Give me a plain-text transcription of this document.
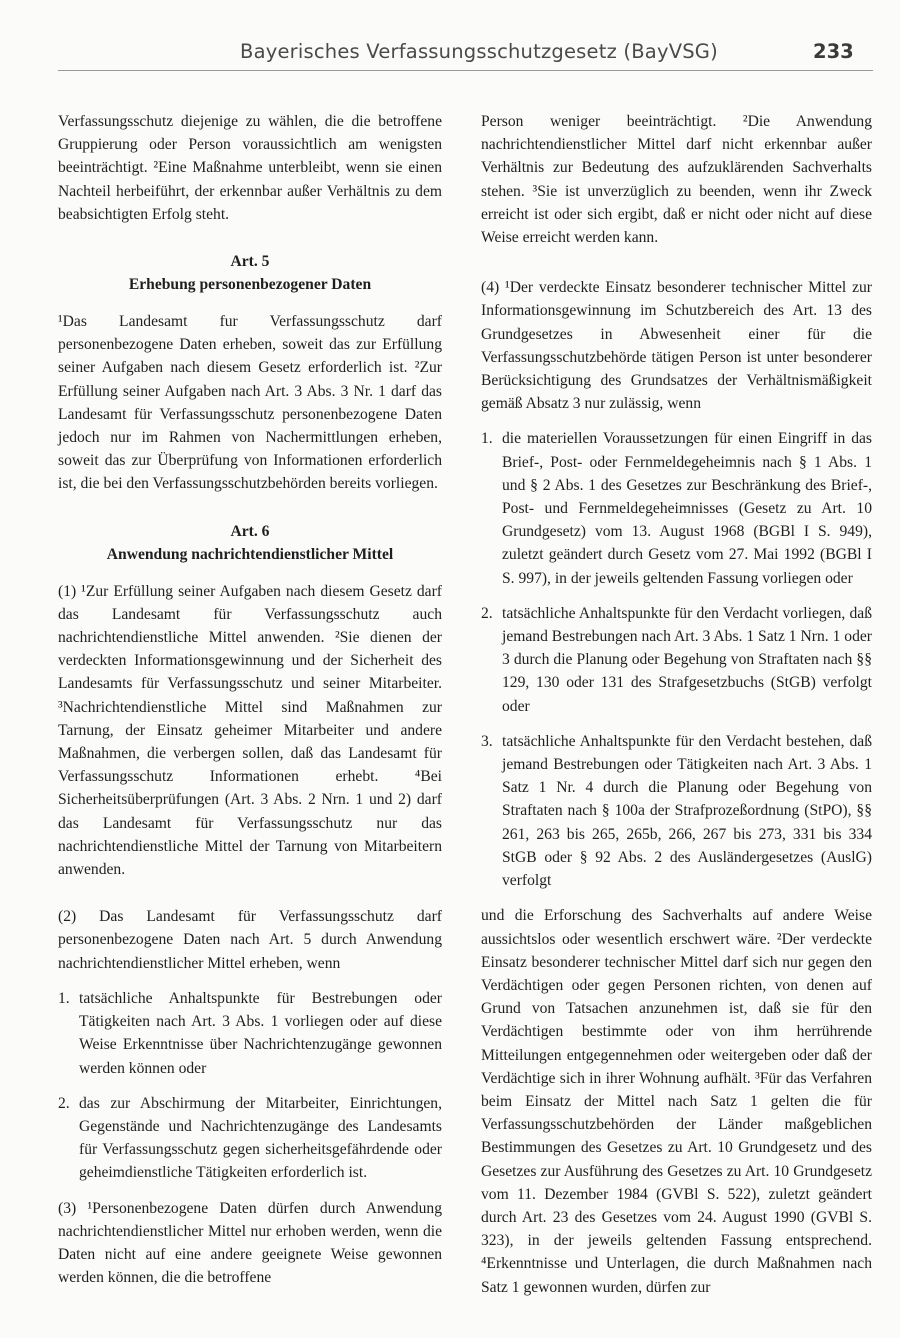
Bayerisches Verfassungsschutzgesetz (BayVSG)	233

Verfassungsschutz diejenige zu wählen, die die betroffene Gruppierung oder Person voraussichtlich am wenigsten beeinträchtigt. ²Eine Maßnahme unterbleibt, wenn sie einen Nachteil herbeiführt, der erkennbar außer Verhältnis zu dem beabsichtigten Erfolg steht.

Art. 5
Erhebung personenbezogener Daten

¹Das Landesamt fur Verfassungsschutz darf personenbezogene Daten erheben, soweit das zur Erfüllung seiner Aufgaben nach diesem Gesetz erforderlich ist. ²Zur Erfüllung seiner Aufgaben nach Art. 3 Abs. 3 Nr. 1 darf das Landesamt für Verfassungsschutz personenbezogene Daten jedoch nur im Rahmen von Nachermittlungen erheben, soweit das zur Überprüfung von Informationen erforderlich ist, die bei den Verfassungsschutzbehörden bereits vorliegen.

Art. 6
Anwendung nachrichtendienstlicher Mittel

(1) ¹Zur Erfüllung seiner Aufgaben nach diesem Gesetz darf das Landesamt für Verfassungsschutz auch nachrichtendienstliche Mittel anwenden. ²Sie dienen der verdeckten Informationsgewinnung und der Sicherheit des Landesamts für Verfassungsschutz und seiner Mitarbeiter. ³Nachrichtendienstliche Mittel sind Maßnahmen zur Tarnung, der Einsatz geheimer Mitarbeiter und andere Maßnahmen, die verbergen sollen, daß das Landesamt für Verfassungsschutz Informationen erhebt. ⁴Bei Sicherheitsüberprüfungen (Art. 3 Abs. 2 Nrn. 1 und 2) darf das Landesamt für Verfassungsschutz nur das nachrichtendienstliche Mittel der Tarnung von Mitarbeitern anwenden.

(2) Das Landesamt für Verfassungsschutz darf personenbezogene Daten nach Art. 5 durch Anwendung nachrichtendienstlicher Mittel erheben, wenn

1. tatsächliche Anhaltspunkte für Bestrebungen oder Tätigkeiten nach Art. 3 Abs. 1 vorliegen oder auf diese Weise Erkenntnisse über Nachrichtenzugänge gewonnen werden können oder
2. das zur Abschirmung der Mitarbeiter, Einrichtungen, Gegenstände und Nachrichtenzugänge des Landesamts für Verfassungsschutz gegen sicherheitsgefährdende oder geheimdienstliche Tätigkeiten erforderlich ist.

(3) ¹Personenbezogene Daten dürfen durch Anwendung nachrichtendienstlicher Mittel nur erhoben werden, wenn die Daten nicht auf eine andere geeignete Weise gewonnen werden können, die die betroffene

Person weniger beeinträchtigt. ²Die Anwendung nachrichtendienstlicher Mittel darf nicht erkennbar außer Verhältnis zur Bedeutung des aufzuklärenden Sachverhalts stehen. ³Sie ist unverzüglich zu beenden, wenn ihr Zweck erreicht ist oder sich ergibt, daß er nicht oder nicht auf diese Weise erreicht werden kann.

(4) ¹Der verdeckte Einsatz besonderer technischer Mittel zur Informationsgewinnung im Schutzbereich des Art. 13 des Grundgesetzes in Abwesenheit einer für die Verfassungsschutzbehörde tätigen Person ist unter besonderer Berücksichtigung des Grundsatzes der Verhältnismäßigkeit gemäß Absatz 3 nur zulässig, wenn

1. die materiellen Voraussetzungen für einen Eingriff in das Brief-, Post- oder Fernmeldegeheimnis nach § 1 Abs. 1 und § 2 Abs. 1 des Gesetzes zur Beschränkung des Brief-, Post- und Fernmeldegeheimnisses (Gesetz zu Art. 10 Grundgesetz) vom 13. August 1968 (BGBl I S. 949), zuletzt geändert durch Gesetz vom 27. Mai 1992 (BGBl I S. 997), in der jeweils geltenden Fassung vorliegen oder
2. tatsächliche Anhaltspunkte für den Verdacht vorliegen, daß jemand Bestrebungen nach Art. 3 Abs. 1 Satz 1 Nrn. 1 oder 3 durch die Planung oder Begehung von Straftaten nach §§ 129, 130 oder 131 des Strafgesetzbuchs (StGB) verfolgt oder
3. tatsächliche Anhaltspunkte für den Verdacht bestehen, daß jemand Bestrebungen oder Tätigkeiten nach Art. 3 Abs. 1 Satz 1 Nr. 4 durch die Planung oder Begehung von Straftaten nach § 100a der Strafprozeßordnung (StPO), §§ 261, 263 bis 265, 265b, 266, 267 bis 273, 331 bis 334 StGB oder § 92 Abs. 2 des Ausländergesetzes (AuslG) verfolgt

und die Erforschung des Sachverhalts auf andere Weise aussichtslos oder wesentlich erschwert wäre. ²Der verdeckte Einsatz besonderer technischer Mittel darf sich nur gegen den Verdächtigen oder gegen Personen richten, von denen auf Grund von Tatsachen anzunehmen ist, daß sie für den Verdächtigen bestimmte oder von ihm herrührende Mitteilungen entgegennehmen oder weitergeben oder daß der Verdächtige sich in ihrer Wohnung aufhält. ³Für das Verfahren beim Einsatz der Mittel nach Satz 1 gelten die für Verfassungsschutzbehörden der Länder maßgeblichen Bestimmungen des Gesetzes zu Art. 10 Grundgesetz und des Gesetzes zur Ausführung des Gesetzes zu Art. 10 Grundgesetz vom 11. Dezember 1984 (GVBl S. 522), zuletzt geändert durch Art. 23 des Gesetzes vom 24. August 1990 (GVBl S. 323), in der jeweils geltenden Fassung entsprechend. ⁴Erkenntnisse und Unterlagen, die durch Maßnahmen nach Satz 1 gewonnen wurden, dürfen zur
